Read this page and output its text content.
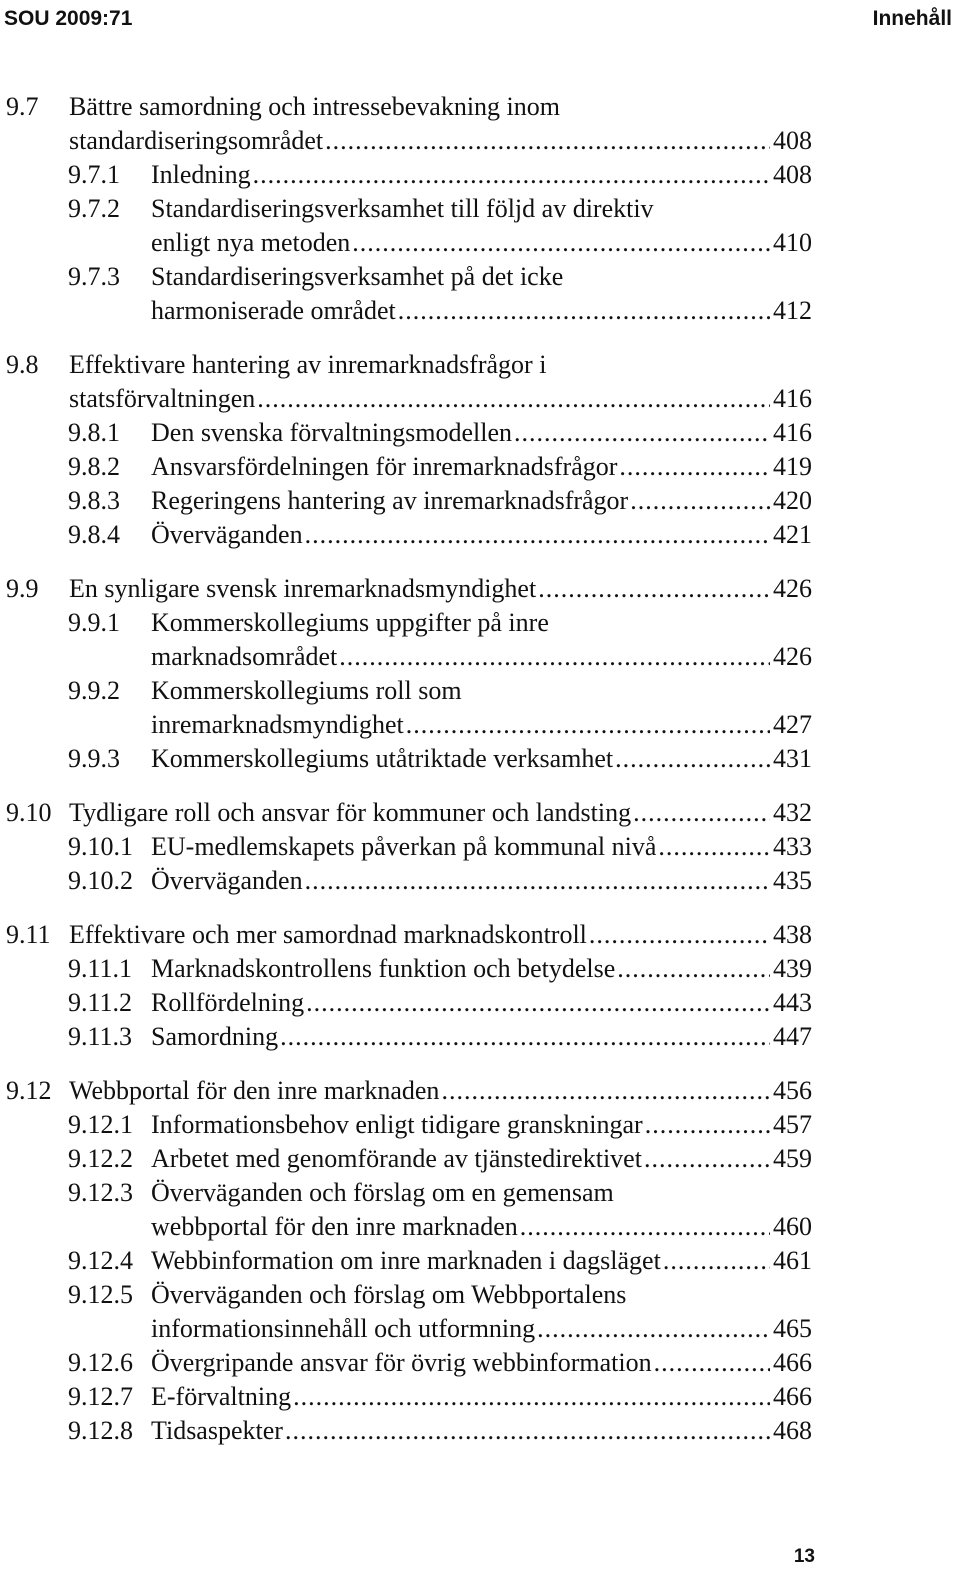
SOU 2009:71	Innehåll
9.7 Bättre samordning och intressebevakning inom
standardiseringsområdet .....	408
9.7.1 Inledning .....	408
9.7.2 Standardiseringsverksamhet till följd av direktiv
enligt nya metoden .....	410
9.7.3 Standardiseringsverksamhet på det icke
harmoniserade området .....	412
9.8 Effektivare hantering av inremarknadsfrågor i
statsförvaltningen .....	416
9.8.1 Den svenska förvaltningsmodellen .....	416
9.8.2 Ansvarsfördelningen för inremarknadsfrågor .....	419
9.8.3 Regeringens hantering av inremarknadsfrågor .....	420
9.8.4 Överväganden .....	421
9.9 En synligare svensk inremarknadsmyndighet .....	426
9.9.1 Kommerskollegiums uppgifter på inre
marknadsområdet .....	426
9.9.2 Kommerskollegiums roll som
inremarknadsmyndighet .....	427
9.9.3 Kommerskollegiums utåtriktade verksamhet .....	431
9.10 Tydligare roll och ansvar för kommuner och landsting .....	432
9.10.1 EU-medlemskapets påverkan på kommunal nivå .....	433
9.10.2 Överväganden .....	435
9.11 Effektivare och mer samordnad marknadskontroll .....	438
9.11.1 Marknadskontrollens funktion och betydelse .....	439
9.11.2 Rollfördelning .....	443
9.11.3 Samordning .....	447
9.12 Webbportal för den inre marknaden .....	456
9.12.1 Informationsbehov enligt tidigare granskningar .....	457
9.12.2 Arbetet med genomförande av tjänstedirektivet .....	459
9.12.3 Överväganden och förslag om en gemensam
webbportal för den inre marknaden .....	460
9.12.4 Webbinformation om inre marknaden i dagsläget .....	461
9.12.5 Överväganden och förslag om Webbportalens
informationsinnehåll och utformning .....	465
9.12.6 Övergripande ansvar för övrig webbinformation .....	466
9.12.7 E-förvaltning .....	466
9.12.8 Tidsaspekter .....	468
13
